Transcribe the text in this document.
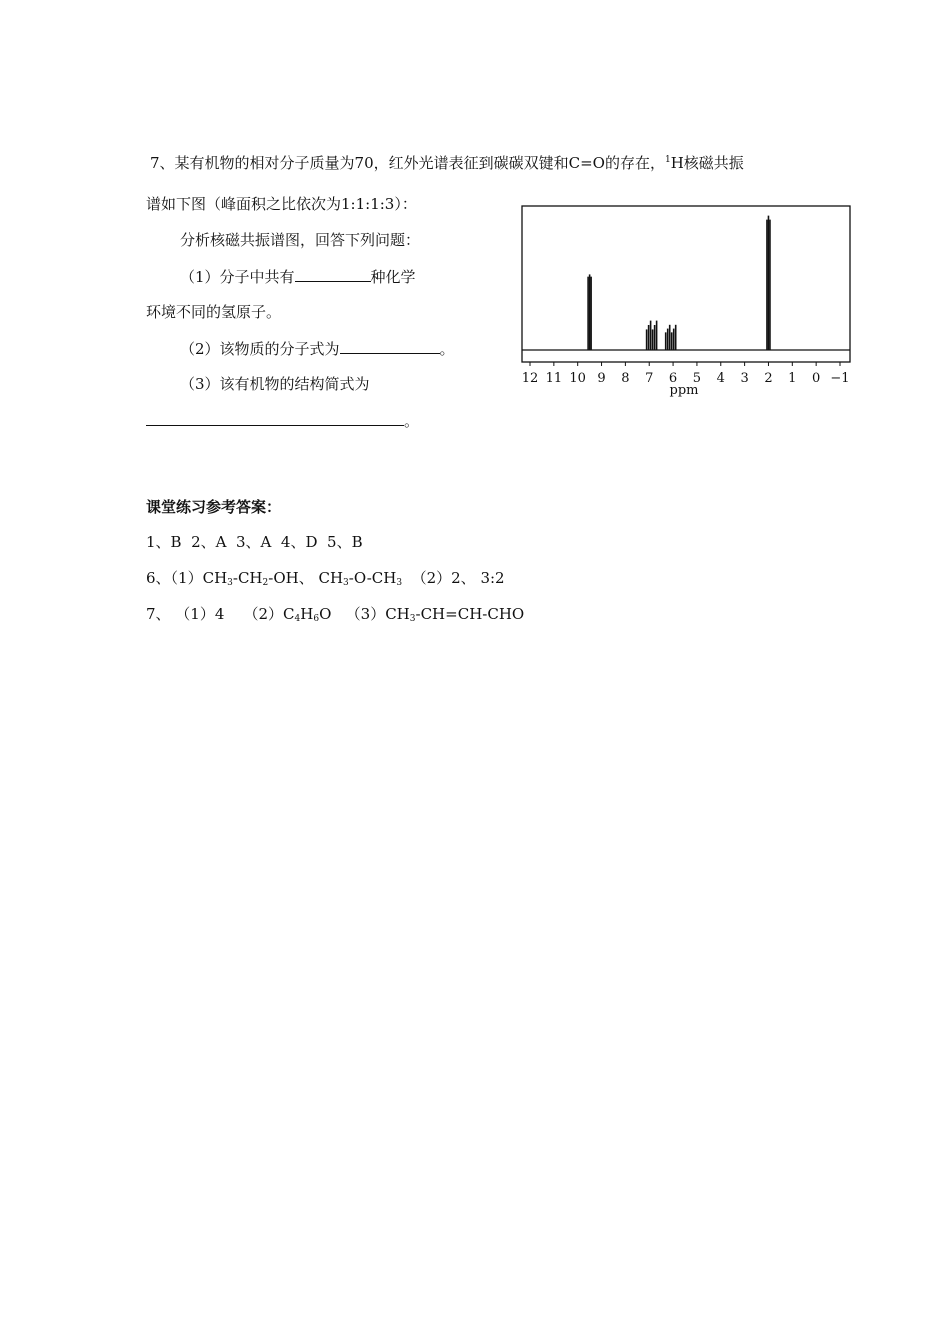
7、某有机物的相对分子质量为70，红外光谱表征到碳碳双键和C=O的存在，$^1$H核磁共振
谱如下图（峰面积之比依次为1:1:1:3）：
分析核磁共振谱图，回答下列问题：
（1）分子中共有	种化学
环境不同的氢原子。
（2）该物质的分子式为	。
（3）该有机物的结构简式为
。
12 11 10 9 8 7 6 5 4 3 2 1 0 −1
ppm
课堂练习参考答案：
1、B  2、A  3、A  4、D  5、B
6、$(1)CH_3-CH_2-OH$、 $CH_3-O-CH_3$  （2）2、 3:2
7、 （1）4    $(2)C_4H_6O$   $(3)CH_3-CH=CH$-CHO
